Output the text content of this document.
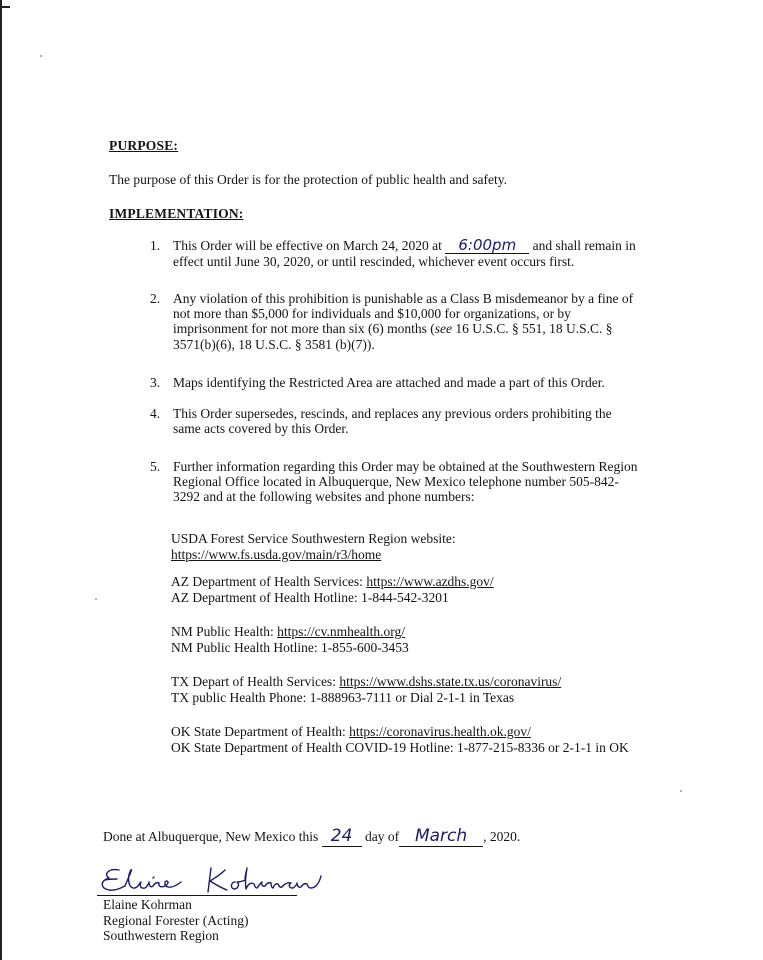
PURPOSE:
The purpose of this Order is for the protection of public health and safety.
IMPLEMENTATION:
1. This Order will be effective on March 24, 2020 at 6:00pm and shall remain in
effect until June 30, 2020, or until rescinded, whichever event occurs first.
2. Any violation of this prohibition is punishable as a Class B misdemeanor by a fine of
not more than $5,000 for individuals and $10,000 for organizations, or by
imprisonment for not more than six (6) months (see 16 U.S.C. § 551, 18 U.S.C. §
3571(b)(6), 18 U.S.C. § 3581 (b)(7)).
3. Maps identifying the Restricted Area are attached and made a part of this Order.
4. This Order supersedes, rescinds, and replaces any previous orders prohibiting the
same acts covered by this Order.
5. Further information regarding this Order may be obtained at the Southwestern Region
Regional Office located in Albuquerque, New Mexico telephone number 505-842-
3292 and at the following websites and phone numbers:
USDA Forest Service Southwestern Region website:
https://www.fs.usda.gov/main/r3/home
AZ Department of Health Services: https://www.azdhs.gov/
AZ Department of Health Hotline: 1-844-542-3201
NM Public Health: https://cv.nmhealth.org/
NM Public Health Hotline: 1-855-600-3453
TX Depart of Health Services: https://www.dshs.state.tx.us/coronavirus/
TX public Health Phone: 1-888963-7111 or Dial 2-1-1 in Texas
OK State Department of Health: https://coronavirus.health.ok.gov/
OK State Department of Health COVID-19 Hotline: 1-877-215-8336 or 2-1-1 in OK
Done at Albuquerque, New Mexico this 24 day of March , 2020.
Elaine Kohrman
Regional Forester (Acting)
Southwestern Region
